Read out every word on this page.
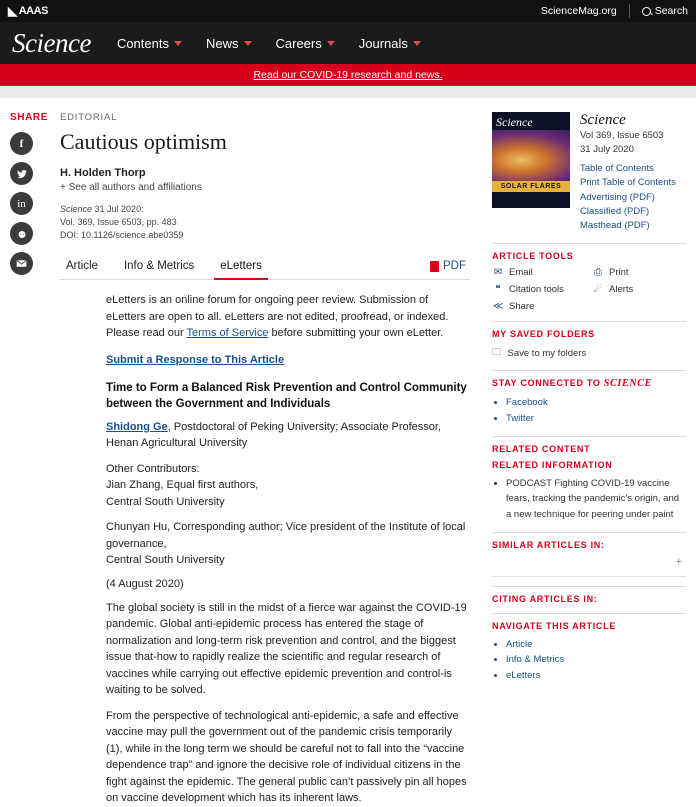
◣ AAAS	ScienceMag.org	Search
Science Contents	News	Careers	Journals
Read our COVID-19 research and news.
SHARE
f
in
EDITORIAL
Cautious optimism
H. Holden Thorp
+ See all authors and affiliations
Science 31 Jul 2020:
Vol. 369, Issue 6503, pp. 483
DOI: 10.1126/science.abe0359
Article	Info & Metrics	eLetters	PDF

eLetters is an online forum for ongoing peer review. Submission of eLetters are open to all. eLetters are not edited, proofread, or indexed. Please read our Terms of Service before submitting your own eLetter.

Submit a Response to This Article
Time to Form a Balanced Risk Prevention and Control Community between the Government and Individuals
Shidong Ge, Postdoctoral of Peking University; Associate Professor, Henan Agricultural University
Other Contributors:
Jian Zhang, Equal first authors,
Central South University
Chunyan Hu, Corresponding author; Vice president of the Institute of local governance,
Central South University
(4 August 2020)

The global society is still in the midst of a fierce war against the COVID-19 pandemic. Global anti-epidemic process has entered the stage of normalization and long-term risk prevention and control, and the biggest issue that-how to rapidly realize the scientific and regular research of vaccines while carrying out effective epidemic prevention and control-is waiting to be solved.

From the perspective of technological anti-epidemic, a safe and effective vaccine may pull the government out of the pandemic crisis temporarily (1), while in the long term we should be careful not to fall into the “vaccine dependence trap” and ignore the decisive role of individual citizens in the fight against the epidemic. The general public can’t passively pin all hopes on vaccine development which has its inherent laws.

Science
SOLAR FLARES
Science
Vol 369, Issue 6503
31 July 2020
Table of Contents
Print Table of Contents
Advertising (PDF)
Classified (PDF)
Masthead (PDF)
ARTICLE TOOLS
✉ Email	⎙ Print
❝ Citation tools	☄ Alerts
≪ Share
MY SAVED FOLDERS
🗀 Save to my folders
STAY CONNECTED TO SCIENCE
• Facebook
• Twitter
RELATED CONTENT
RELATED INFORMATION
• PODCAST Fighting COVID-19 vaccine fears, tracking the pandemic’s origin, and a new technique for peering under paint
SIMILAR ARTICLES IN:
+
CITING ARTICLES IN:
NAVIGATE THIS ARTICLE
• Article
• Info & Metrics
• eLetters
